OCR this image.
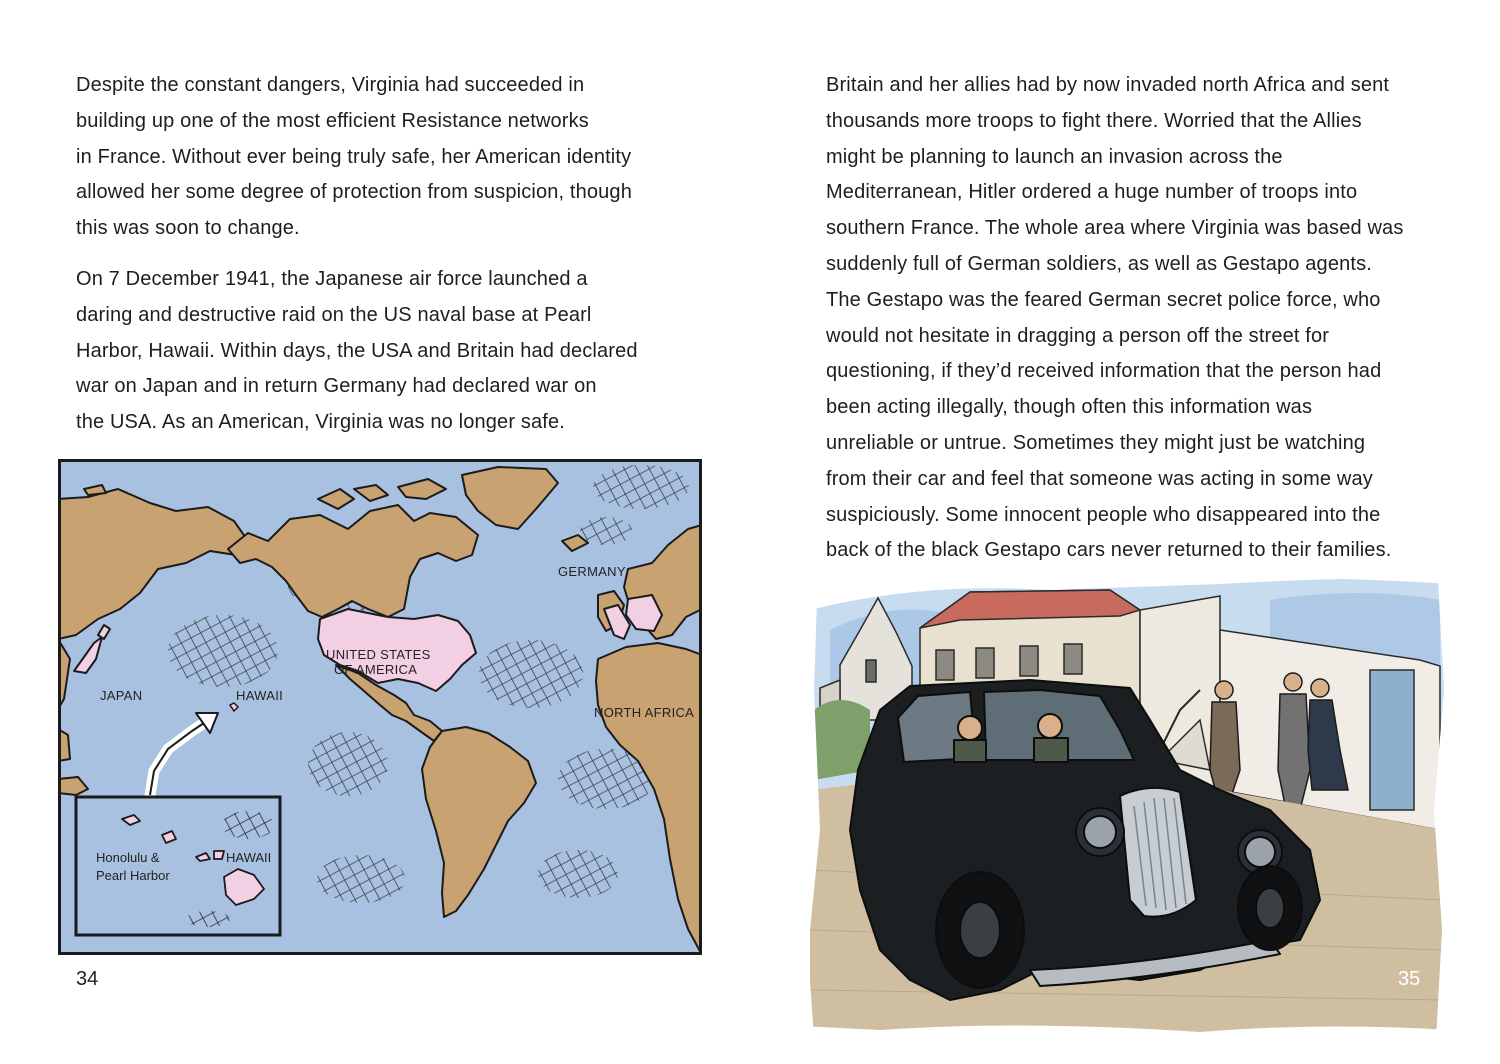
Despite the constant dangers, Virginia had succeeded in
building up one of the most efficient Resistance networks
in France. Without ever being truly safe, her American identity
allowed her some degree of protection from suspicion, though
this was soon to change.

On 7 December 1941, the Japanese air force launched a
daring and destructive raid on the US naval base at Pearl
Harbor, Hawaii. Within days, the USA and Britain had declared
war on Japan and in return Germany had declared war on
the USA. As an American, Virginia was no longer safe.

Honolulu &
Pearl Harbor
HAWAII
GERMANY
UNITED STATES
OF AMERICA
JAPAN	HAWAII
NORTH AFRICA
34

Britain and her allies had by now invaded north Africa and sent
thousands more troops to fight there. Worried that the Allies
might be planning to launch an invasion across the
Mediterranean, Hitler ordered a huge number of troops into
southern France. The whole area where Virginia was based was
suddenly full of German soldiers, as well as Gestapo agents.
The Gestapo was the feared German secret police force, who
would not hesitate in dragging a person off the street for
questioning, if they’d received information that the person had
been acting illegally, though often this information was
unreliable or untrue. Sometimes they might just be watching
from their car and feel that someone was acting in some way
suspiciously. Some innocent people who disappeared into the
back of the black Gestapo cars never returned to their families.

35
